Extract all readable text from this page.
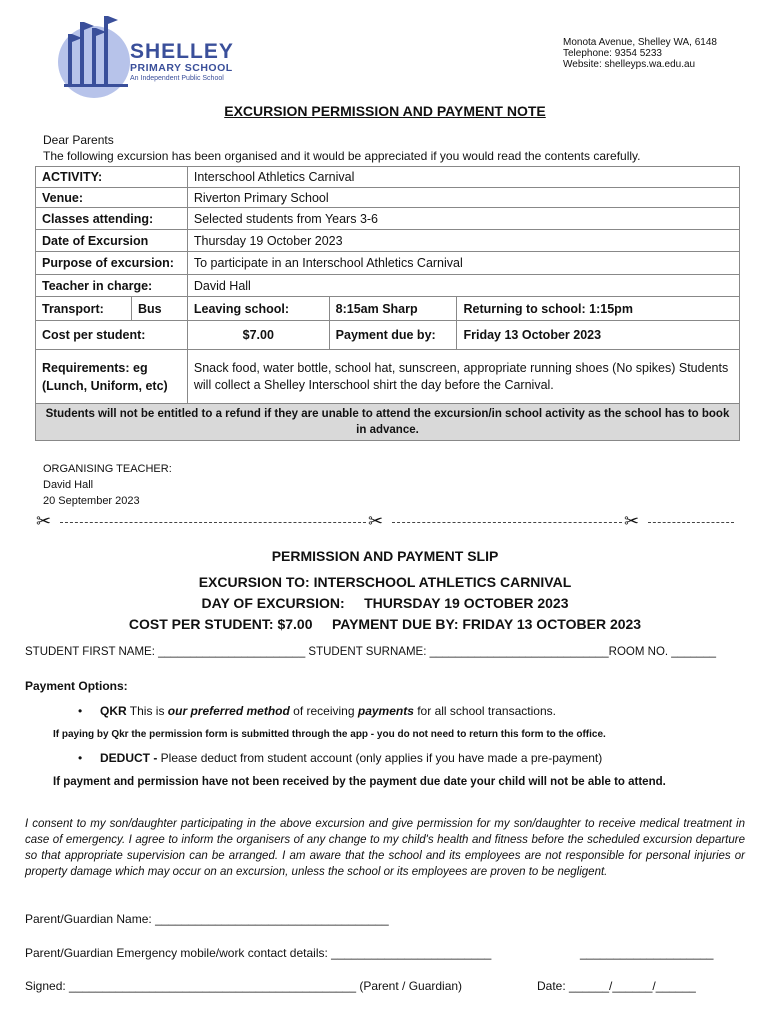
SHELLEY
PRIMARY SCHOOL
An Independent Public School
Monota Avenue, Shelley WA, 6148
Telephone: 9354 5233
Website: shelleyps.wa.edu.au
EXCURSION PERMISSION AND PAYMENT NOTE
Dear Parents
The following excursion has been organised and it would be appreciated if you would read the contents carefully.
ACTIVITY:		Interschool Athletics Carnival		
Venue:		Riverton Primary School		
Classes attending:		Selected students from Years 3-6		
Date of Excursion		Thursday 19 October 2023		
Purpose of excursion:		To participate in an Interschool Athletics Carnival		
Teacher in charge:		David Hall		
Transport:	Bus	Leaving school:	8:15am Sharp	Returning to school: 1:15pm
Cost per student:		$7.00	Payment due by:	Friday 13 October 2023

Requirements: eg
(Lunch, Uniform, etc)		Snack food, water bottle, school hat, sunscreen, appropriate running shoes (No spikes) Students will collect a Shelley Interschool shirt the day before the Carnival.		
Students will not be entitled to a refund if they are unable to attend the excursion/in school activity as the school has to book in advance.				
ORGANISING TEACHER:
David Hall
20 September 2023
✂	✂	✂
PERMISSION AND PAYMENT SLIP
EXCURSION TO: INTERSCHOOL ATHLETICS CARNIVAL
DAY OF EXCURSION:     THURSDAY 19 OCTOBER 2023
COST PER STUDENT: $7.00     PAYMENT DUE BY: FRIDAY 13 OCTOBER 2023
STUDENT FIRST NAME: _______________________ STUDENT SURNAME: ____________________________ROOM NO. _______
Payment Options:
• QKR This is our preferred method of receiving payments for all school transactions.
If paying by Qkr the permission form is submitted through the app - you do not need to return this form to the office.
• DEDUCT - Please deduct from student account (only applies if you have made a pre-payment)
If payment and permission have not been received by the payment due date your child will not be able to attend.
I consent to my son/daughter participating in the above excursion and give permission for my son/daughter to receive medical treatment in case of emergency. I agree to inform the organisers of any change to my child's health and fitness before the scheduled excursion departure so that appropriate supervision can be arranged. I am aware that the school and its employees are not responsible for personal injuries or property damage which may occur on an excursion, unless the school or its employees are proven to be negligent.
Parent/Guardian Name: ___________________________________
Parent/Guardian Emergency mobile/work contact details: ________________________	____________________
Signed: ___________________________________________ (Parent / Guardian)	Date: ______/______/______
